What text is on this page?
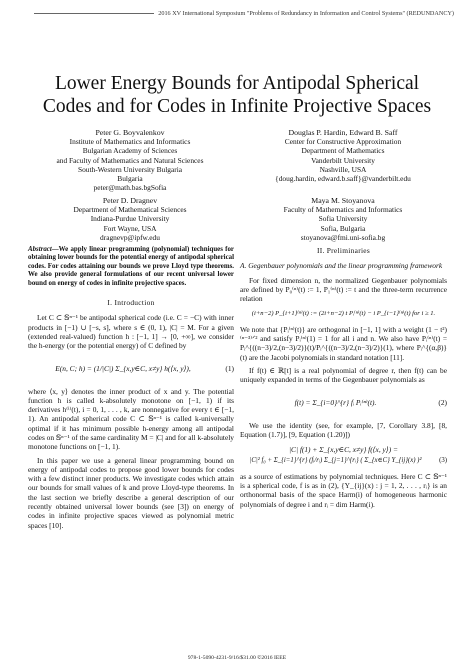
2016 XV International Symposium "Problems of Redundancy in Information and Control Systems" (REDUNDANCY)
Lower Energy Bounds for Antipodal Spherical
Codes and for Codes in Infinite Projective Spaces
Peter G. Boyvalenkov
Institute of Mathematics and Informatics
Bulgarian Academy of Sciences
and Faculty of Mathematics and Natural Sciences
South-Western University Bulgaria
Bulgaria
peter@math.bas.bgSofia
Douglas P. Hardin, Edward B. Saff
Center for Constructive Approximation
Department of Mathematics
Vanderbilt University
Nashville, USA
{doug.hardin, edward.b.saff}@vanderbilt.edu
Peter D. Dragnev
Department of Mathematical Sciences
Indiana-Purdue University
Fort Wayne, USA
dragnevp@ipfw.edu
Maya M. Stoyanova
Faculty of Mathematics and Informatics
Sofia University
Sofia, Bulgaria
stoyanova@fmi.uni-sofia.bg
Abstract—We apply linear programming (polynomial) techniques for obtaining lower bounds for the potential energy of antipodal spherical codes. For codes attaining our bounds we prove Lloyd type theorems. We also provide general formulations of our recent universal lower bound on energy of codes in infinite projective spaces.
I. Introduction

Let C ⊂ 𝕊ⁿ⁻¹ be antipodal spherical code (i.e. C = −C) with inner products in [−1) ∪ [−s, s], where s ∈ (0, 1), |C| = M. For a given (extended real-valued) function h : [−1, 1] → [0, +∞], we consider the h-energy (or the potential energy) of C defined by

E(n, C; h) = (1/|C|) Σ_{x,y∈C, x≠y} h(⟨x, y⟩),	(1)

where ⟨x, y⟩ denotes the inner product of x and y. The potential function h is called k-absolutely monotone on [−1, 1) if its derivatives h⁽ⁱ⁾(t), i = 0, 1, . . . , k, are nonnegative for every t ∈ [−1, 1). An antipodal spherical code C ⊂ 𝕊ⁿ⁻¹ is called k-universally optimal if it has minimum possible h-energy among all antipodal codes on 𝕊ⁿ⁻¹ of the same cardinality M = |C| and for all k-absolutely monotone functions on [−1, 1).

In this paper we use a general linear programming bound on energy of antipodal codes to propose good lower bounds for codes with a few distinct inner products. We investigate codes which attain our bounds for small values of k and prove Lloyd-type theorems. In the last section we briefly describe a general description of our recently obtained universal lower bounds (see [3]) on energy of codes in infinite projective spaces viewed as polynomial metric spaces [10].

II. Preliminaries
A. Gegenbauer polynomials and the linear programming framework

For fixed dimension n, the normalized Gegenbauer polynomials are defined by P₀⁽ⁿ⁾(t) := 1, P₁⁽ⁿ⁾(t) := t and the three-term recurrence relation

(i+n−2) P_{i+1}⁽ⁿ⁾(t) := (2i+n−2) t Pᵢ⁽ⁿ⁾(t) − i P_{i−1}⁽ⁿ⁾(t) for i ≥ 1.

We note that {Pᵢ⁽ⁿ⁾(t)} are orthogonal in [−1, 1] with a weight (1 − t²)⁽ⁿ⁻³⁾ᐟ² and satisfy Pᵢ⁽ⁿ⁾(1) = 1 for all i and n. We also have Pᵢ⁽ⁿ⁾(t) = Pᵢ^{((n−3)/2,(n−3)/2)}(t)/Pᵢ^{((n−3)/2,(n−3)/2)}(1), where Pᵢ^{(α,β)}(t) are the Jacobi polynomials in standard notation [11].

If f(t) ∈ ℝ[t] is a real polynomial of degree r, then f(t) can be uniquely expanded in terms of the Gegenbauer polynomials as

f(t) = Σ_{i=0}^{r} fᵢ Pᵢ⁽ⁿ⁾(t).	(2)

We use the identity (see, for example, [7, Corollary 3.8], [8, Equation (1.7)], [9, Equation (1.20)])

|C| f(1) + Σ_{x,y∈C, x≠y} f(⟨x, y⟩) =
|C|² f₀ + Σ_{i=1}^{r} (fᵢ/rᵢ) Σ_{j=1}^{rᵢ} ( Σ_{x∈C} Y_{ij}(x) )²	(3)

as a source of estimations by polynomial techniques. Here C ⊂ 𝕊ⁿ⁻¹ is a spherical code, f is as in (2), {Y_{ij}(x) : j = 1, 2, . . . , rᵢ} is an orthonormal basis of the space Harm(i) of homogeneous harmonic polynomials of degree i and rᵢ = dim Harm(i).

978-1-5090-4231-9/16/$31.00 ©2016 IEEE
